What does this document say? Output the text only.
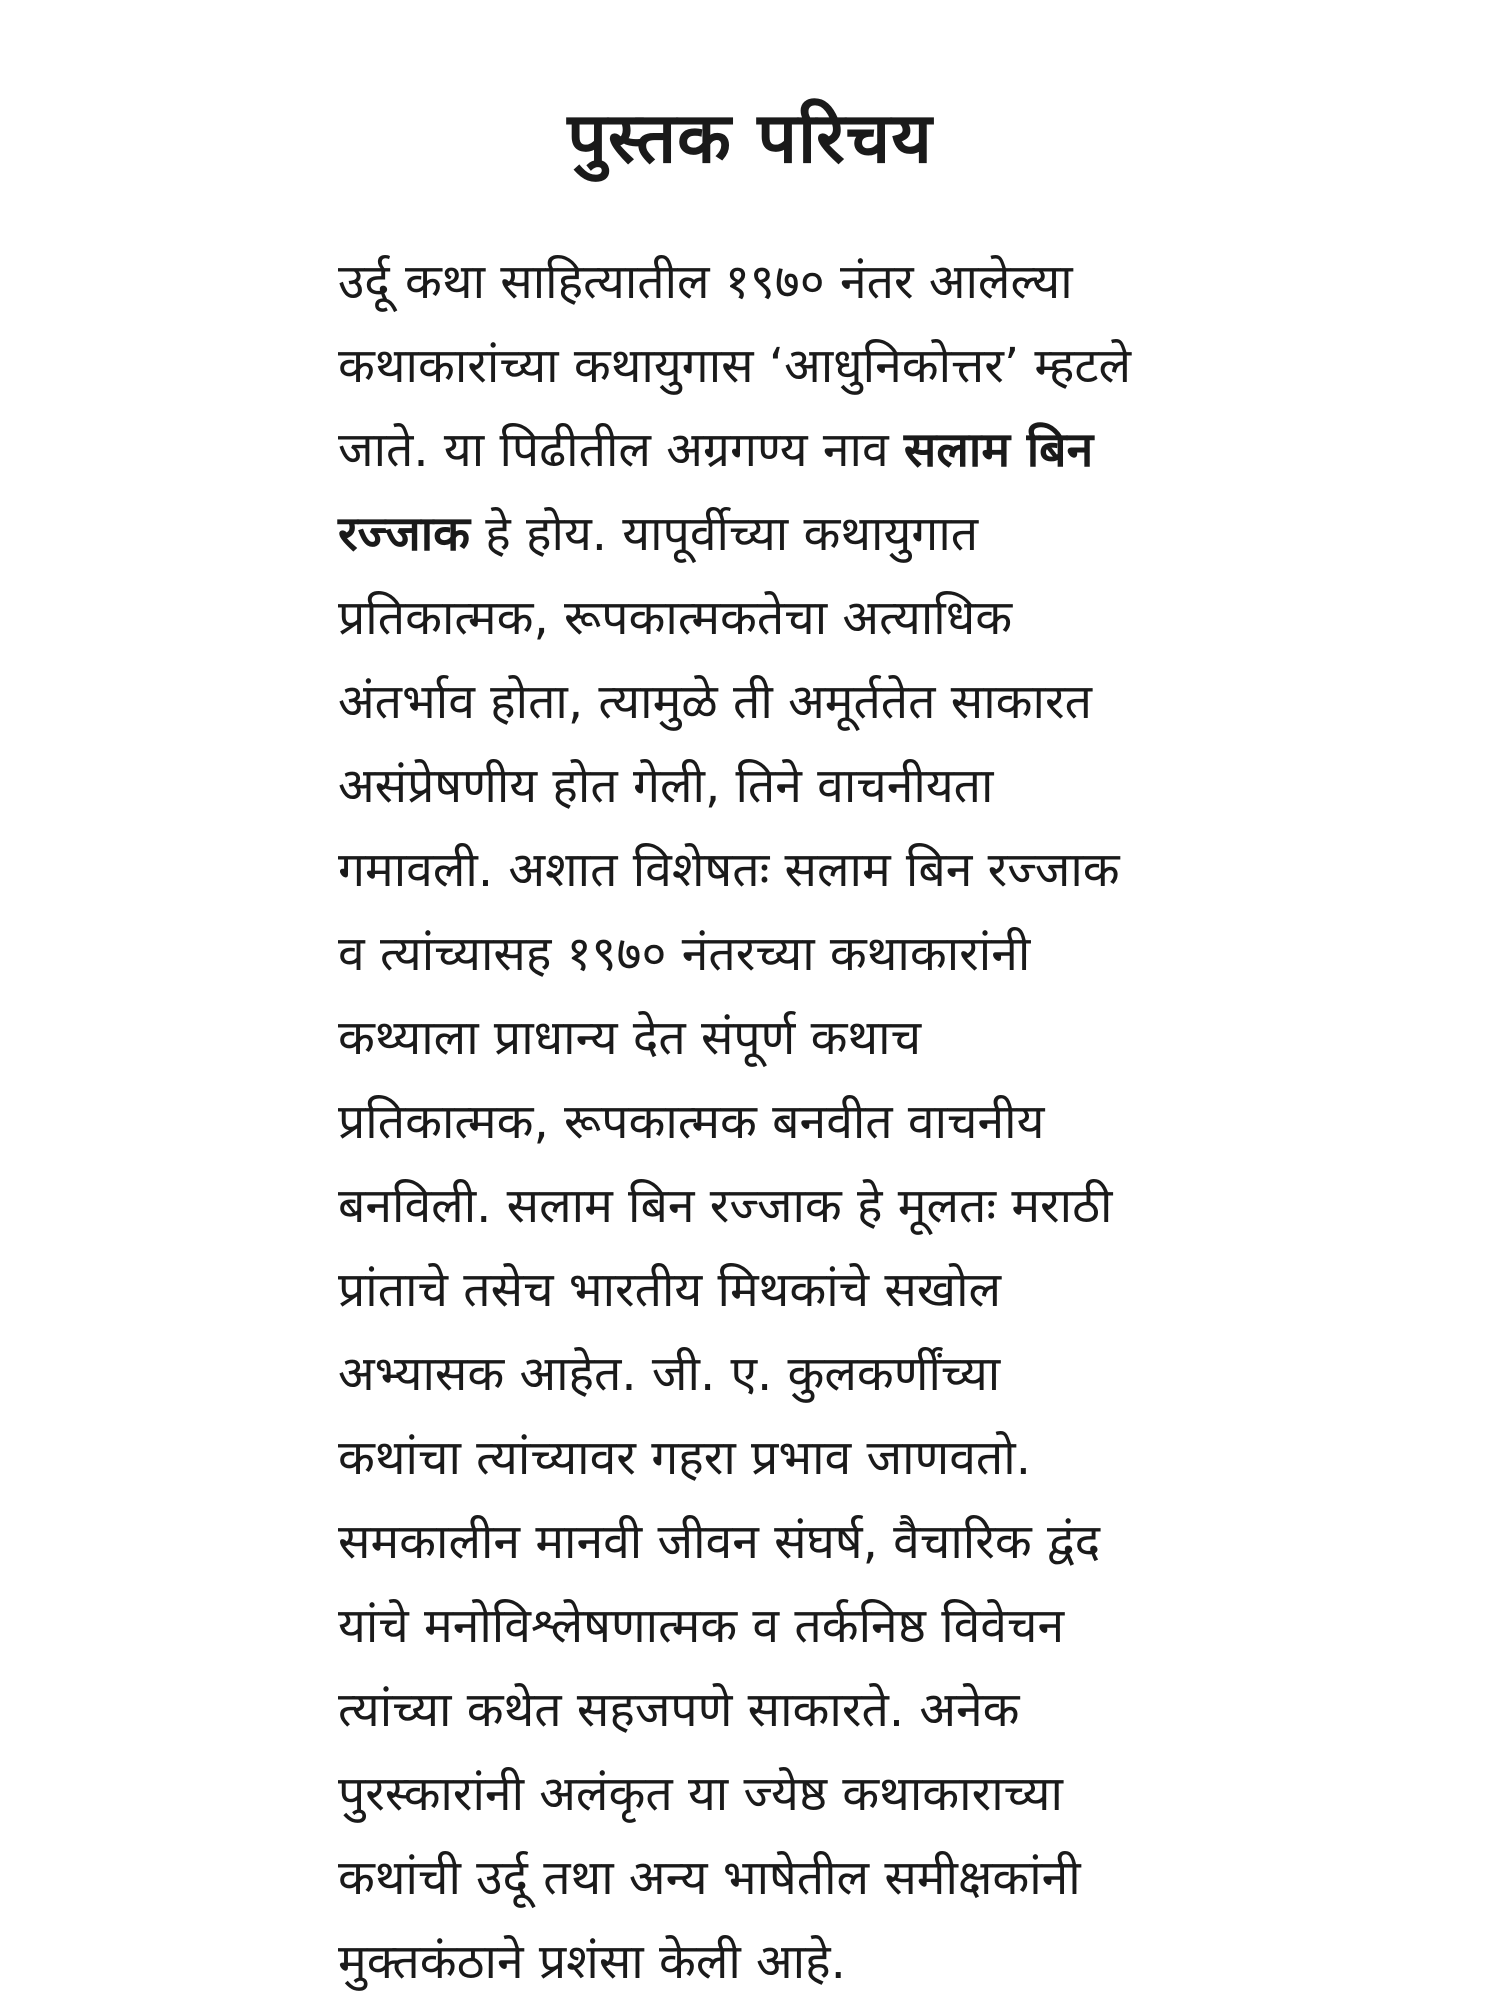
पुस्तक परिचय
उर्दू कथा साहित्यातील १९७० नंतर आलेल्या
कथाकारांच्या कथायुगास ‘आधुनिकोत्तर’ म्हटले
जाते. या पिढीतील अग्रगण्य नाव सलाम बिन
रज्जाक हे होय. यापूर्वीच्या कथायुगात
प्रतिकात्मक, रूपकात्मकतेचा अत्याधिक
अंतर्भाव होता, त्यामुळे ती अमूर्ततेत साकारत
असंप्रेषणीय होत गेली, तिने वाचनीयता
गमावली. अशात विशेषतः सलाम बिन रज्जाक
व त्यांच्यासह १९७० नंतरच्या कथाकारांनी
कथ्याला प्राधान्य देत संपूर्ण कथाच
प्रतिकात्मक, रूपकात्मक बनवीत वाचनीय
बनविली. सलाम बिन रज्जाक हे मूलतः मराठी
प्रांताचे तसेच भारतीय मिथकांचे सखोल
अभ्यासक आहेत. जी. ए. कुलकर्णींच्या
कथांचा त्यांच्यावर गहरा प्रभाव जाणवतो.
समकालीन मानवी जीवन संघर्ष, वैचारिक द्वंद
यांचे मनोविश्लेषणात्मक व तर्कनिष्ठ विवेचन
त्यांच्या कथेत सहजपणे साकारते. अनेक
पुरस्कारांनी अलंकृत या ज्येष्ठ कथाकाराच्या
कथांची उर्दू तथा अन्य भाषेतील समीक्षकांनी
मुक्तकंठाने प्रशंसा केली आहे.
